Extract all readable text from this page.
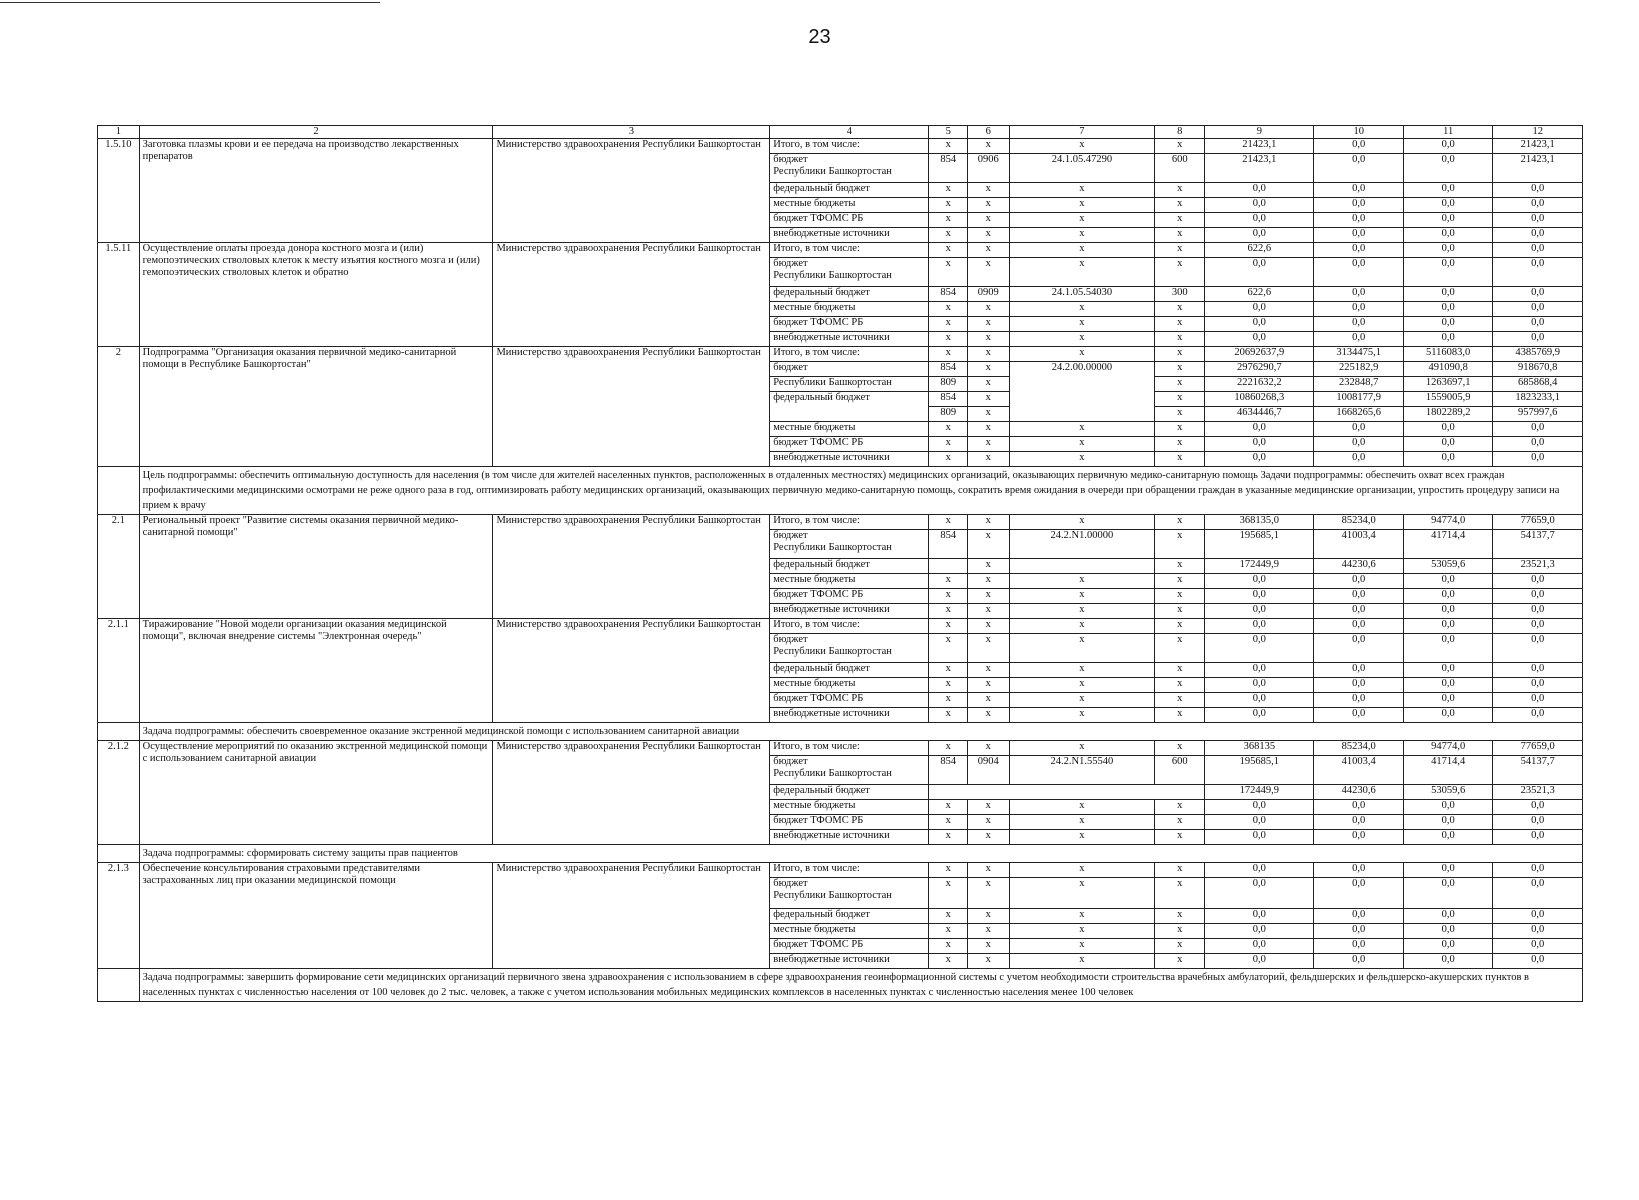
23
1	2	3	4	5	6	7	8	9	10	11	12
1.5.10	Заготовка плазмы крови и ее передача на производство лекарственных препаратов	Министерство здравоохранения Республики Башкортостан	Итого, в том числе:	x	x	x	x	21423,1	0,0	0,0	21423,1
			бюджет
Республики Башкортостан	854	0906	24.1.05.47290	600	21423,1	0,0	0,0	21423,1
			федеральный бюджет	x	x	x	x	0,0	0,0	0,0	0,0
			местные бюджеты	x	x	x	x	0,0	0,0	0,0	0,0
			бюджет ТФОМС РБ	x	x	x	x	0,0	0,0	0,0	0,0
			внебюджетные источники	x	x	x	x	0,0	0,0	0,0	0,0
1.5.11	Осуществление оплаты проезда донора костного мозга и (или) гемопоэтических стволовых клеток к месту изъятия костного мозга и (или) гемопоэтических стволовых клеток и обратно	Министерство здравоохранения Республики Башкортостан	Итого, в том числе:	x	x	x	x	622,6	0,0	0,0	0,0
			бюджет
Республики Башкортостан	x	x	x	x	0,0	0,0	0,0	0,0
			федеральный бюджет	854	0909	24.1.05.54030	300	622,6	0,0	0,0	0,0
			местные бюджеты	x	x	x	x	0,0	0,0	0,0	0,0
			бюджет ТФОМС РБ	x	x	x	x	0,0	0,0	0,0	0,0
			внебюджетные источники	x	x	x	x	0,0	0,0	0,0	0,0
2	Подпрограмма "Организация оказания первичной медико-санитарной помощи в Республике Башкортостан"	Министерство здравоохранения Республики Башкортостан	Итого, в том числе:	x	x	x	x	20692637,9	3134475,1	5116083,0	4385769,9
			бюджет	854	x	24.2.00.00000	x	2976290,7	225182,9	491090,8	918670,8
			Республики Башкортостан	809	x		x	2221632,2	232848,7	1263697,1	685868,4
			федеральный бюджет	854	x		x	10860268,3	1008177,9	1559005,9	1823233,1
				809	x		x	4634446,7	1668265,6	1802289,2	957997,6
			местные бюджеты	x	x	x	x	0,0	0,0	0,0	0,0
			бюджет ТФОМС РБ	x	x	x	x	0,0	0,0	0,0	0,0
			внебюджетные источники	x	x	x	x	0,0	0,0	0,0	0,0
	Цель подпрограммы: обеспечить оптимальную доступность для населения (в том числе для жителей населенных пунктов, расположенных в отдаленных местностях) медицинских организаций, оказывающих первичную медико-санитарную помощь Задачи подпрограммы: обеспечить охват всех граждан профилактическими медицинскими осмотрами не реже одного раза в год, оптимизировать работу медицинских организаций, оказывающих первичную медико-санитарную помощь, сократить время ожидания в очереди при обращении граждан в указанные медицинские организации, упростить процедуру записи на прием к врачу										
2.1	Региональный проект "Развитие системы оказания первичной медико-санитарной помощи"	Министерство здравоохранения Республики Башкортостан	Итого, в том числе:	x	x	x	x	368135,0	85234,0	94774,0	77659,0
			бюджет
Республики Башкортостан	854	x	24.2.N1.00000	x	195685,1	41003,4	41714,4	54137,7
			федеральный бюджет		x		x	172449,9	44230,6	53059,6	23521,3
			местные бюджеты	x	x	x	x	0,0	0,0	0,0	0,0
			бюджет ТФОМС РБ	x	x	x	x	0,0	0,0	0,0	0,0
			внебюджетные источники	x	x	x	x	0,0	0,0	0,0	0,0
2.1.1	Тиражирование "Новой модели организации оказания медицинской помощи", включая внедрение системы "Электронная очередь"	Министерство здравоохранения Республики Башкортостан	Итого, в том числе:	x	x	x	x	0,0	0,0	0,0	0,0
			бюджет
Республики Башкортостан	x	x	x	x	0,0	0,0	0,0	0,0
			федеральный бюджет	x	x	x	x	0,0	0,0	0,0	0,0
			местные бюджеты	x	x	x	x	0,0	0,0	0,0	0,0
			бюджет ТФОМС РБ	x	x	x	x	0,0	0,0	0,0	0,0
			внебюджетные источники	x	x	x	x	0,0	0,0	0,0	0,0
	Задача подпрограммы: обеспечить своевременное оказание экстренной медицинской помощи с использованием санитарной авиации										
2.1.2	Осуществление мероприятий по оказанию экстренной медицинской помощи с использованием санитарной авиации	Министерство здравоохранения Республики Башкортостан	Итого, в том числе:	x	x	x	x	368135	85234,0	94774,0	77659,0
			бюджет
Республики Башкортостан	854	0904	24.2.N1.55540	600	195685,1	41003,4	41714,4	54137,7
			федеральный бюджет					172449,9	44230,6	53059,6	23521,3
			местные бюджеты	x	x	x	x	0,0	0,0	0,0	0,0
			бюджет ТФОМС РБ	x	x	x	x	0,0	0,0	0,0	0,0
			внебюджетные источники	x	x	x	x	0,0	0,0	0,0	0,0
	Задача подпрограммы: сформировать систему защиты прав пациентов										
2.1.3	Обеспечение консультирования страховыми представителями застрахованных лиц при оказании медицинской помощи	Министерство здравоохранения Республики Башкортостан	Итого, в том числе:	x	x	x	x	0,0	0,0	0,0	0,0
			бюджет
Республики Башкортостан	x	x	x	x	0,0	0,0	0,0	0,0
			федеральный бюджет	x	x	x	x	0,0	0,0	0,0	0,0
			местные бюджеты	x	x	x	x	0,0	0,0	0,0	0,0
			бюджет ТФОМС РБ	x	x	x	x	0,0	0,0	0,0	0,0
			внебюджетные источники	x	x	x	x	0,0	0,0	0,0	0,0
	Задача подпрограммы: завершить формирование сети медицинских организаций первичного звена здравоохранения с использованием в сфере здравоохранения геоинформационной системы с учетом необходимости строительства врачебных амбулаторий, фельдшерских и фельдшерско-акушерских пунктов в населенных пунктах с численностью населения от 100 человек до 2 тыс. человек, а также с учетом использования мобильных медицинских комплексов в населенных пунктах с численностью населения менее 100 человек										
